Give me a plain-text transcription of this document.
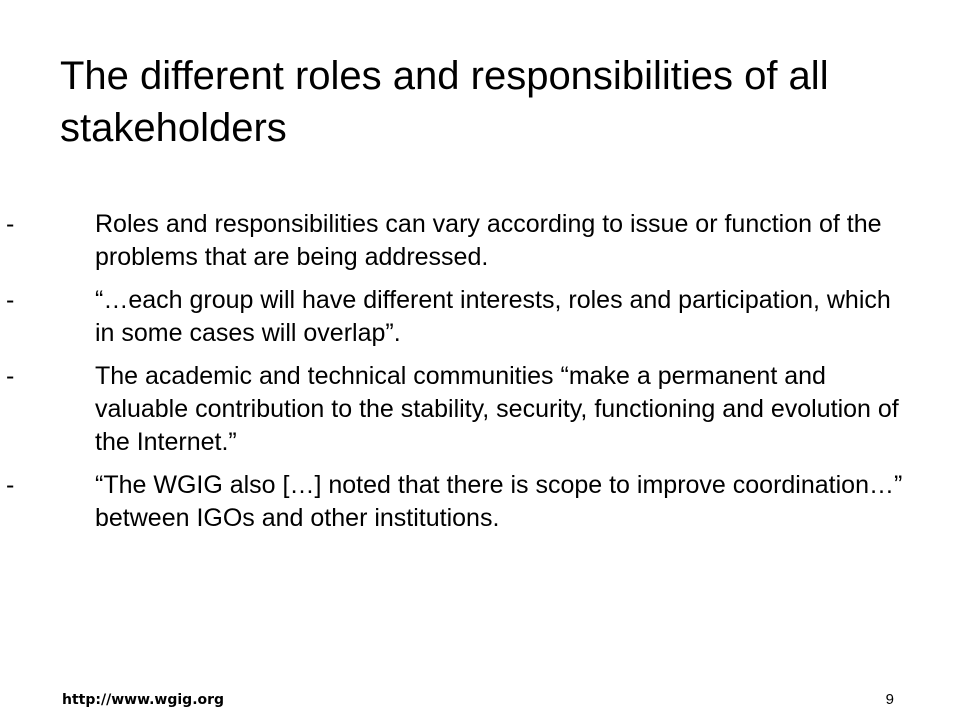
The different roles and responsibilities of all stakeholders
-	Roles and responsibilities can vary according to issue or function of the problems that are being addressed.
-	“…each group will have different interests, roles and participation, which in some cases will overlap”.
-	The academic and technical communities “make a permanent and valuable contribution to the stability, security, functioning and evolution of the Internet.”
-	“The WGIG also […] noted that there is scope to improve coordination…” between IGOs and other institutions.
http://www.wgig.org	9
